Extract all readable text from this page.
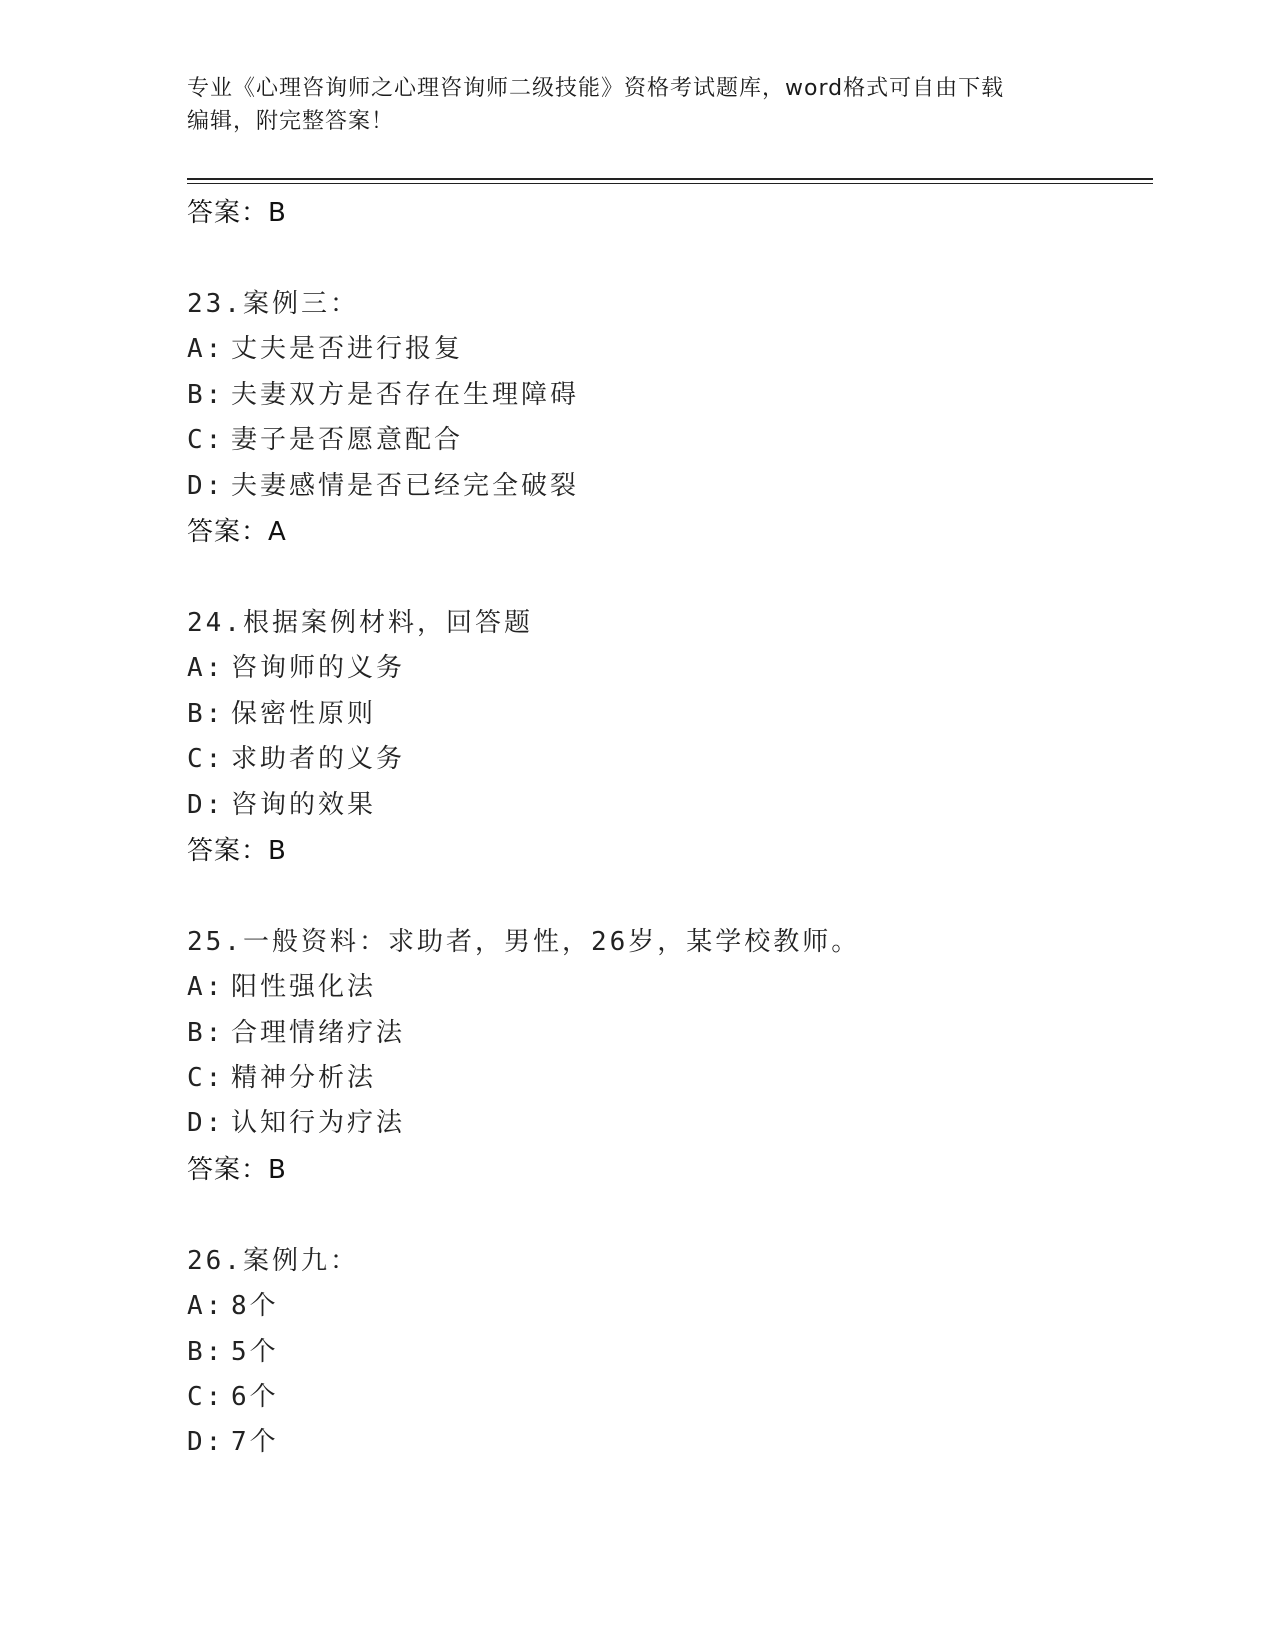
专业《心理咨询师之心理咨询师二级技能》资格考试题库，word格式可自由下载
编辑，附完整答案！
答案：B
23.案例三：
A: 丈夫是否进行报复
B: 夫妻双方是否存在生理障碍
C: 妻子是否愿意配合
D: 夫妻感情是否已经完全破裂
答案：A
24.根据案例材料，回答题
A: 咨询师的义务
B: 保密性原则
C: 求助者的义务
D: 咨询的效果
答案：B
25.一般资料：求助者，男性，26岁，某学校教师。
A: 阳性强化法
B: 合理情绪疗法
C: 精神分析法
D: 认知行为疗法
答案：B
26.案例九：
A: 8个
B: 5个
C: 6个
D: 7个
